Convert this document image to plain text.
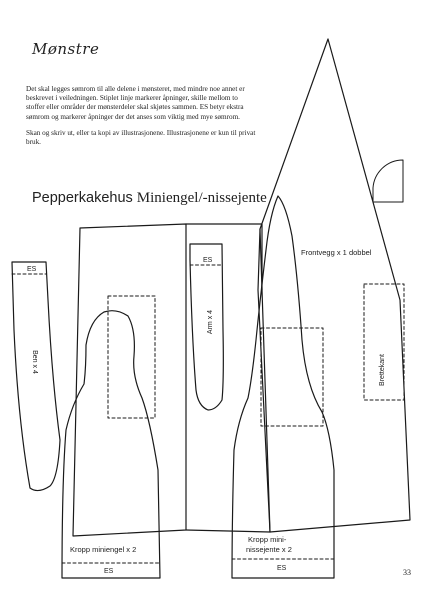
Mønstre

Det skal legges sømrom til alle delene i mønsteret, med mindre noe annet er beskrevet i veiledningen. Stiplet linje markerer åpninger, skille mellom to stoffer eller områder der mønsterdeler skal skjøtes sammen. ES betyr ekstra sømrom og markerer åpninger der det anses som viktig med mye sømrom.

Skan og skriv ut, eller ta kopi av illustrasjonene. Illustrasjonene er kun til privat bruk.

Pepperkakehus Miniengel/-nissejente
ES
Ben x 4
ES
Arm x 4
Frontvegg x 1 dobbel
Brettekant
Kropp miniengel x 2
ES
Kropp mini-
nissejente x 2
ES	33
